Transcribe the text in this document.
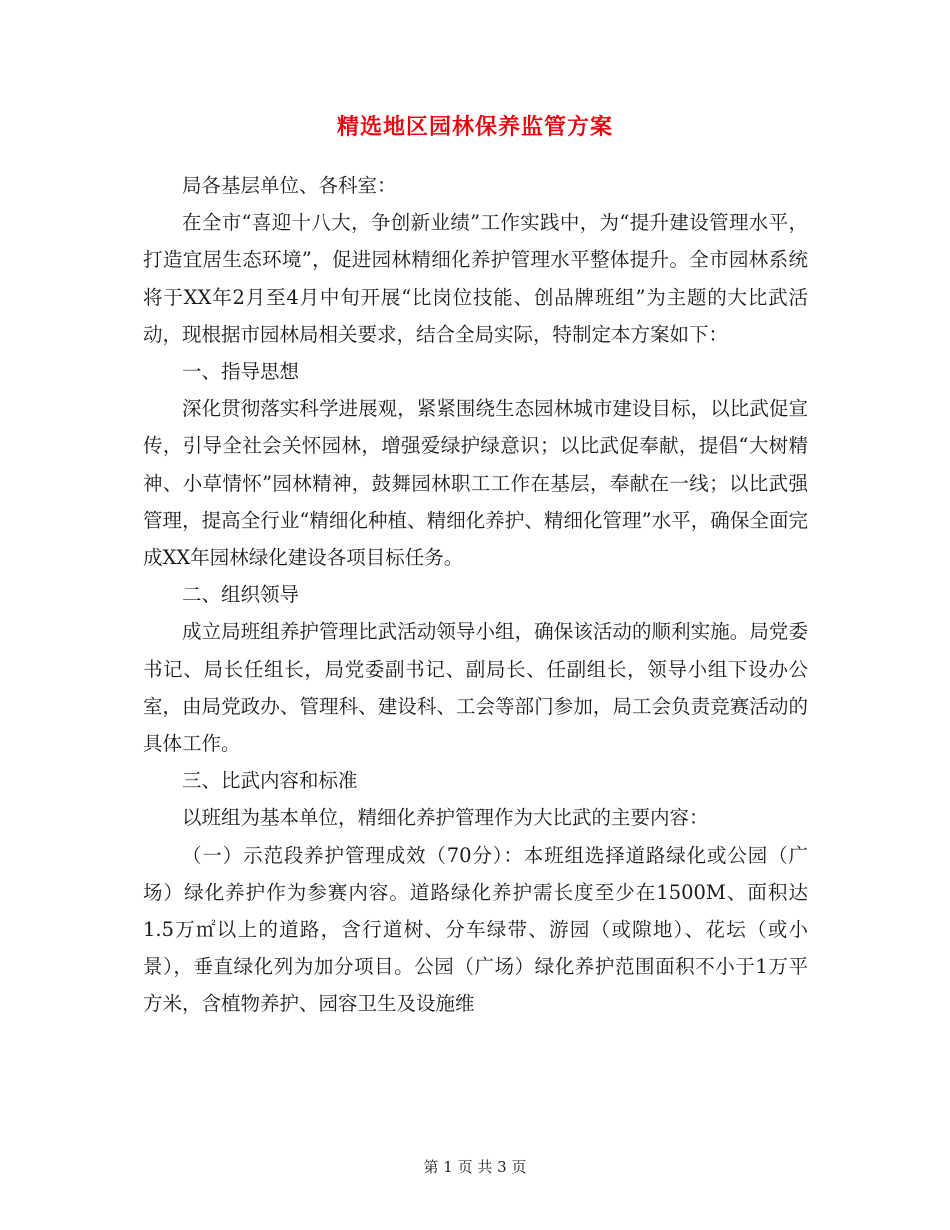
精选地区园林保养监管方案

局各基层单位、各科室：

在全市“喜迎十八大，争创新业绩”工作实践中，为“提升建设管理水平，打造宜居生态环境”，促进园林精细化养护管理水平整体提升。全市园林系统将于XX年2月至4月中旬开展“比岗位技能、创品牌班组”为主题的大比武活动，现根据市园林局相关要求，结合全局实际，特制定本方案如下：

一、指导思想

深化贯彻落实科学进展观，紧紧围绕生态园林城市建设目标，以比武促宣传，引导全社会关怀园林，增强爱绿护绿意识；以比武促奉献，提倡“大树精神、小草情怀”园林精神，鼓舞园林职工工作在基层，奉献在一线；以比武强管理，提高全行业“精细化种植、精细化养护、精细化管理”水平，确保全面完成XX年园林绿化建设各项目标任务。

二、组织领导

成立局班组养护管理比武活动领导小组，确保该活动的顺利实施。局党委书记、局长任组长，局党委副书记、副局长、任副组长，领导小组下设办公室，由局党政办、管理科、建设科、工会等部门参加，局工会负责竞赛活动的具体工作。

三、比武内容和标准

以班组为基本单位，精细化养护管理作为大比武的主要内容：

（一）示范段养护管理成效（70分）：本班组选择道路绿化或公园（广场）绿化养护作为参赛内容。道路绿化养护需长度至少在1500M、面积达1.5万㎡以上的道路，含行道树、分车绿带、游园（或隙地）、花坛（或小景），垂直绿化列为加分项目。公园（广场）绿化养护范围面积不小于1万平方米，含植物养护、园容卫生及设施维

第 1 页 共 3 页
